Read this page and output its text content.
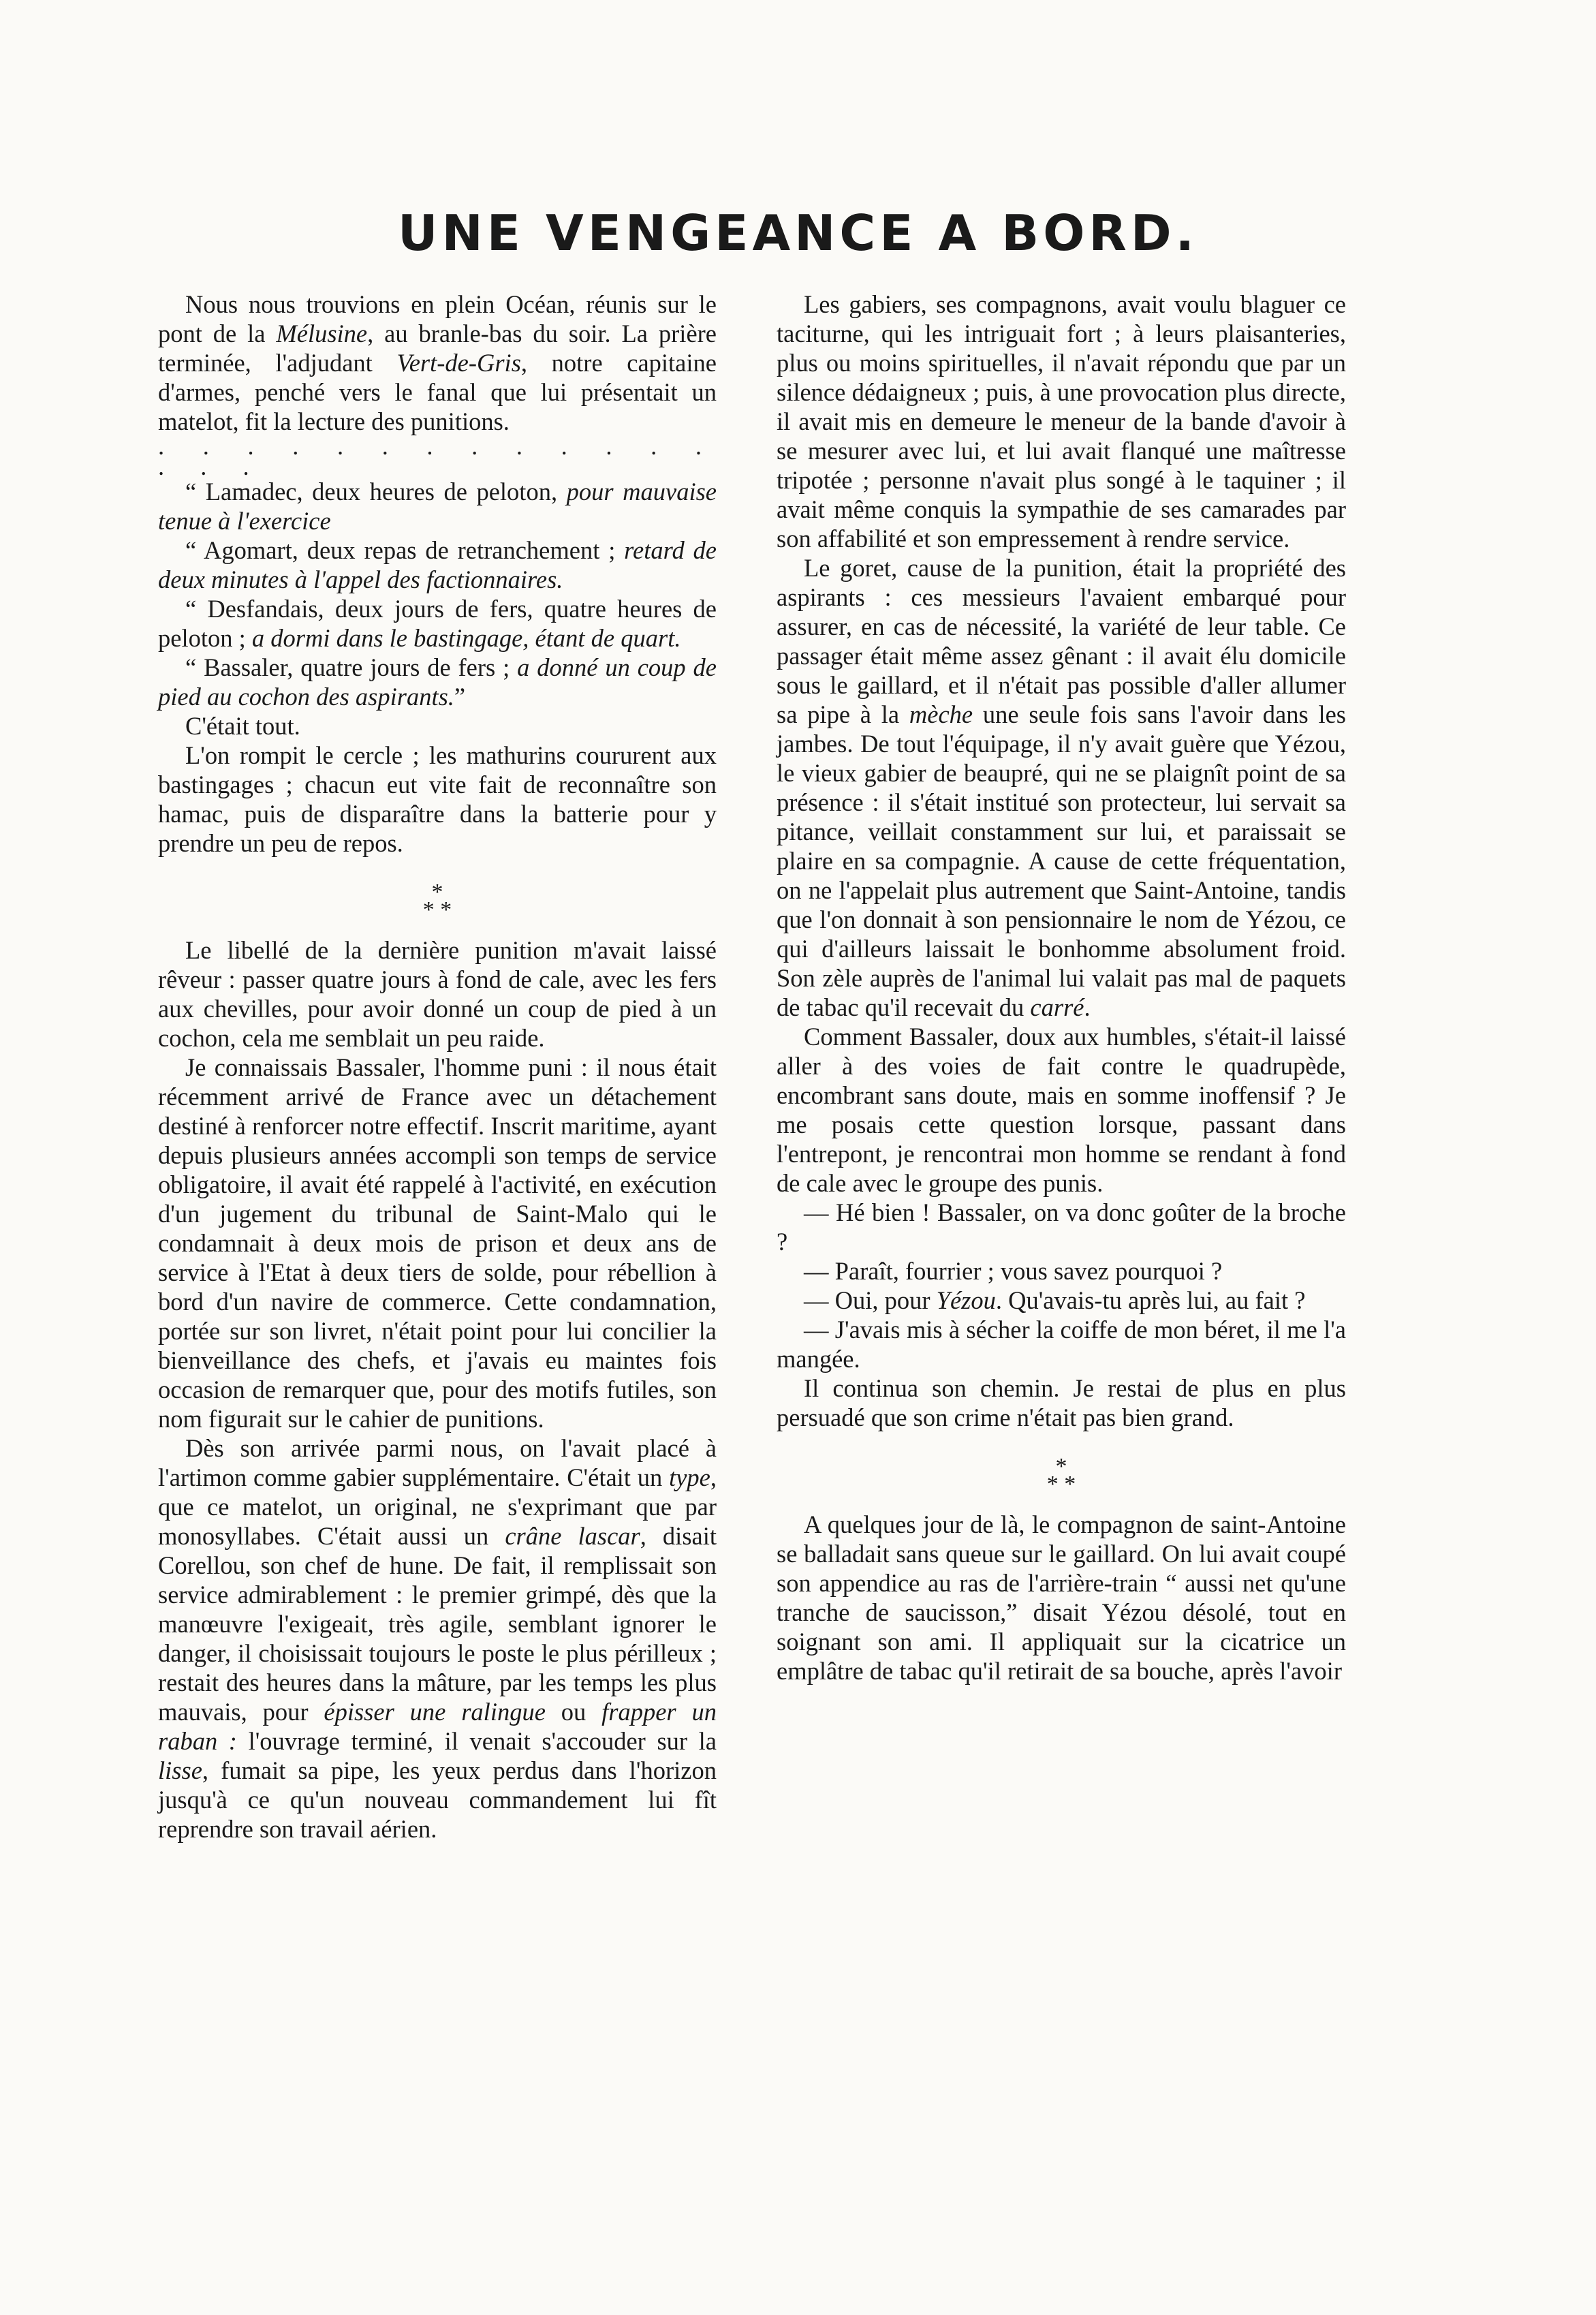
UNE VENGEANCE A BORD.

Nous nous trouvions en plein Océan, réunis sur le pont de la Mélusine, au branle-bas du soir. La prière terminée, l'adjudant Vert-de-Gris, notre capitaine d'armes, penché vers le fanal que lui présentait un matelot, fit la lecture des punitions.

. . . . . . . . . . . . . . . .

“ Lamadec, deux heures de peloton, pour mauvaise tenue à l'exercice

“ Agomart, deux repas de retranchement ; retard de deux minutes à l'appel des factionnaires.

“ Desfandais, deux jours de fers, quatre heures de peloton ; a dormi dans le bastingage, étant de quart.

“ Bassaler, quatre jours de fers ; a donné un coup de pied au cochon des aspirants.”

C'était tout.

L'on rompit le cercle ; les mathurins coururent aux bastingages ; chacun eut vite fait de reconnaître son hamac, puis de disparaître dans la batterie pour y prendre un peu de repos.

*
* *

Le libellé de la dernière punition m'avait laissé rêveur : passer quatre jours à fond de cale, avec les fers aux chevilles, pour avoir donné un coup de pied à un cochon, cela me semblait un peu raide.

Je connaissais Bassaler, l'homme puni : il nous était récemment arrivé de France avec un détachement destiné à renforcer notre effectif. Inscrit maritime, ayant depuis plusieurs années accompli son temps de service obligatoire, il avait été rappelé à l'activité, en exécution d'un jugement du tribunal de Saint-Malo qui le condamnait à deux mois de prison et deux ans de service à l'Etat à deux tiers de solde, pour rébellion à bord d'un navire de commerce. Cette condamnation, portée sur son livret, n'était point pour lui concilier la bienveillance des chefs, et j'avais eu maintes fois occasion de remarquer que, pour des motifs futiles, son nom figurait sur le cahier de punitions.

Dès son arrivée parmi nous, on l'avait placé à l'artimon comme gabier supplémentaire. C'était un type, que ce matelot, un original, ne s'exprimant que par monosyllabes. C'était aussi un crâne lascar, disait Corellou, son chef de hune. De fait, il remplissait son service admirablement : le premier grimpé, dès que la manœuvre l'exigeait, très agile, semblant ignorer le danger, il choisissait toujours le poste le plus périlleux ; restait des heures dans la mâture, par les temps les plus mauvais, pour épisser une ralingue ou frapper un raban : l'ouvrage terminé, il venait s'accouder sur la lisse, fumait sa pipe, les yeux perdus dans l'horizon jusqu'à ce qu'un nouveau commandement lui fît reprendre son travail aérien.

Les gabiers, ses compagnons, avait voulu blaguer ce taciturne, qui les intriguait fort ; à leurs plaisanteries, plus ou moins spirituelles, il n'avait répondu que par un silence dédaigneux ; puis, à une provocation plus directe, il avait mis en demeure le meneur de la bande d'avoir à se mesurer avec lui, et lui avait flanqué une maîtresse tripotée ; personne n'avait plus songé à le taquiner ; il avait même conquis la sympathie de ses camarades par son affabilité et son empressement à rendre service.

Le goret, cause de la punition, était la propriété des aspirants : ces messieurs l'avaient embarqué pour assurer, en cas de nécessité, la variété de leur table. Ce passager était même assez gênant : il avait élu domicile sous le gaillard, et il n'était pas possible d'aller allumer sa pipe à la mèche une seule fois sans l'avoir dans les jambes. De tout l'équipage, il n'y avait guère que Yézou, le vieux gabier de beaupré, qui ne se plaignît point de sa présence : il s'était institué son protecteur, lui servait sa pitance, veillait constamment sur lui, et paraissait se plaire en sa compagnie. A cause de cette fréquentation, on ne l'appelait plus autrement que Saint-Antoine, tandis que l'on donnait à son pensionnaire le nom de Yézou, ce qui d'ailleurs laissait le bonhomme absolument froid. Son zèle auprès de l'animal lui valait pas mal de paquets de tabac qu'il recevait du carré.

Comment Bassaler, doux aux humbles, s'était-il laissé aller à des voies de fait contre le quadrupède, encombrant sans doute, mais en somme inoffensif ? Je me posais cette question lorsque, passant dans l'entrepont, je rencontrai mon homme se rendant à fond de cale avec le groupe des punis.

— Hé bien ! Bassaler, on va donc goûter de la broche ?

— Paraît, fourrier ; vous savez pourquoi ?

— Oui, pour Yézou. Qu'avais-tu après lui, au fait ?

— J'avais mis à sécher la coiffe de mon béret, il me l'a mangée.

Il continua son chemin. Je restai de plus en plus persuadé que son crime n'était pas bien grand.

*
* *

A quelques jour de là, le compagnon de saint-Antoine se balladait sans queue sur le gaillard. On lui avait coupé son appendice au ras de l'arrière-train “ aussi net qu'une tranche de saucisson,” disait Yézou désolé, tout en soignant son ami. Il appliquait sur la cicatrice un emplâtre de tabac qu'il retirait de sa bouche, après l'avoir
